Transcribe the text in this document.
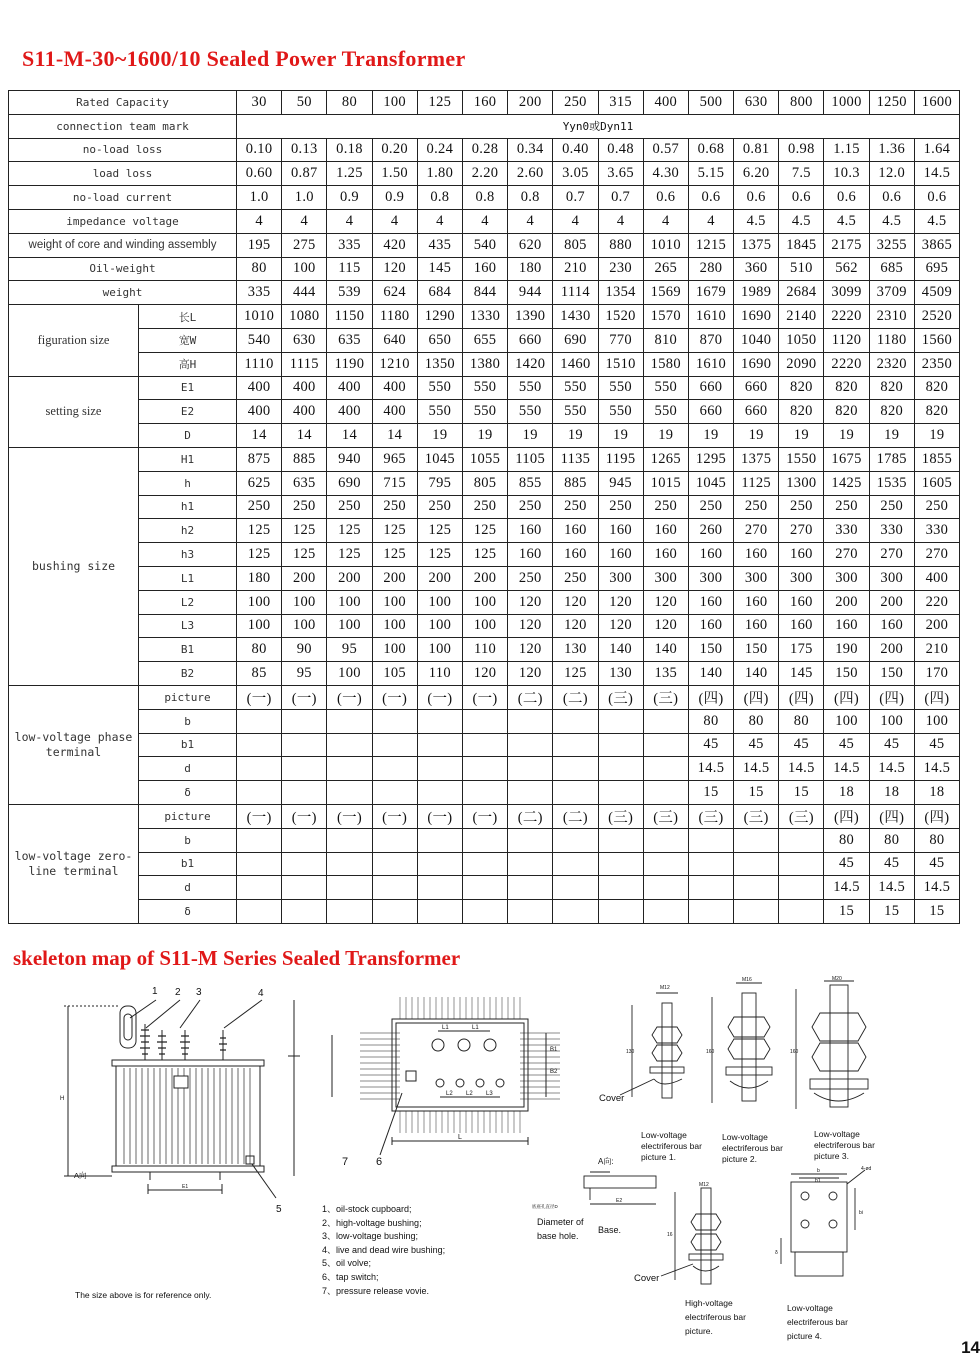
S11-M-30~1600/10 Sealed Power Transformer
Rated Capacity		30	50	80	100	125	160	200	250	315	400	500	630	800	1000	1250	1600
connection team mark		Yyn0或Dyn11															
no-load loss		0.10	0.13	0.18	0.20	0.24	0.28	0.34	0.40	0.48	0.57	0.68	0.81	0.98	1.15	1.36	1.64
load loss		0.60	0.87	1.25	1.50	1.80	2.20	2.60	3.05	3.65	4.30	5.15	6.20	7.5	10.3	12.0	14.5
no-load current		1.0	1.0	0.9	0.9	0.8	0.8	0.8	0.7	0.7	0.6	0.6	0.6	0.6	0.6	0.6	0.6
impedance voltage		4	4	4	4	4	4	4	4	4	4	4	4.5	4.5	4.5	4.5	4.5
weight of core and winding assembly		195	275	335	420	435	540	620	805	880	1010	1215	1375	1845	2175	3255	3865
Oil-weight		80	100	115	120	145	160	180	210	230	265	280	360	510	562	685	695
weight		335	444	539	624	684	844	944	1114	1354	1569	1679	1989	2684	3099	3709	4509
figuration size	长L	1010	1080	1150	1180	1290	1330	1390	1430	1520	1570	1610	1690	2140	2220	2310	2520
	宽W	540	630	635	640	650	655	660	690	770	810	870	1040	1050	1120	1180	1560
	高H	1110	1115	1190	1210	1350	1380	1420	1460	1510	1580	1610	1690	2090	2220	2320	2350
setting size	E1	400	400	400	400	550	550	550	550	550	550	660	660	820	820	820	820
	E2	400	400	400	400	550	550	550	550	550	550	660	660	820	820	820	820
	D	14	14	14	14	19	19	19	19	19	19	19	19	19	19	19	19
bushing size	H1	875	885	940	965	1045	1055	1105	1135	1195	1265	1295	1375	1550	1675	1785	1855
	h	625	635	690	715	795	805	855	885	945	1015	1045	1125	1300	1425	1535	1605
	h1	250	250	250	250	250	250	250	250	250	250	250	250	250	250	250	250
	h2	125	125	125	125	125	125	160	160	160	160	260	270	270	330	330	330
	h3	125	125	125	125	125	125	160	160	160	160	160	160	160	270	270	270
	L1	180	200	200	200	200	200	250	250	300	300	300	300	300	300	300	400
	L2	100	100	100	100	100	100	120	120	120	120	160	160	160	200	200	220
	L3	100	100	100	100	100	100	120	120	120	120	160	160	160	160	160	200
	B1	80	90	95	100	100	110	120	130	140	140	150	150	175	190	200	210
	B2	85	95	100	105	110	120	120	125	130	135	140	140	145	150	150	170
low-voltage phase terminal	picture	(一)	(一)	(一)	(一)	(一)	(一)	(二)	(二)	(三)	(三)	(四)	(四)	(四)	(四)	(四)	(四)
	b											80	80	80	100	100	100
	b1											45	45	45	45	45	45
	d											14.5	14.5	14.5	14.5	14.5	14.5
	δ											15	15	15	18	18	18
low-voltage zero-line terminal	picture	(一)	(一)	(一)	(一)	(一)	(一)	(二)	(二)	(三)	(三)	(三)	(三)	(三)	(四)	(四)	(四)
	b														80	80	80
	b1														45	45	45
	d														14.5	14.5	14.5
	δ														15	15	15
skeleton map of S11-M Series Sealed Transformer
1 2 3	4
5
H
A向
E1
The size above is for reference only.
L1	L1
L2 L2 L3
B1
B2
L
7	6
1、oil-stock cupboard;
2、high-voltage bushing;
3、low-voltage bushing;
4、live and dead wire bushing;
5、oil volve;
6、tap switch;
7、pressure release vovie.
M12
M16	M20
130	160	160
Cover
Low-voltage electriferous bar picture 1.
Low-voltage electriferous bar picture 2.
Low-voltage electriferous bar picture 3.
A向:
底座孔直径D
E2
Diameter of base hole.
Base.
M12
16
Cover
High-voltage electriferous bar picture.
b
b1
4-ød
bi
δ
Low-voltage electriferous bar picture 4.
14
